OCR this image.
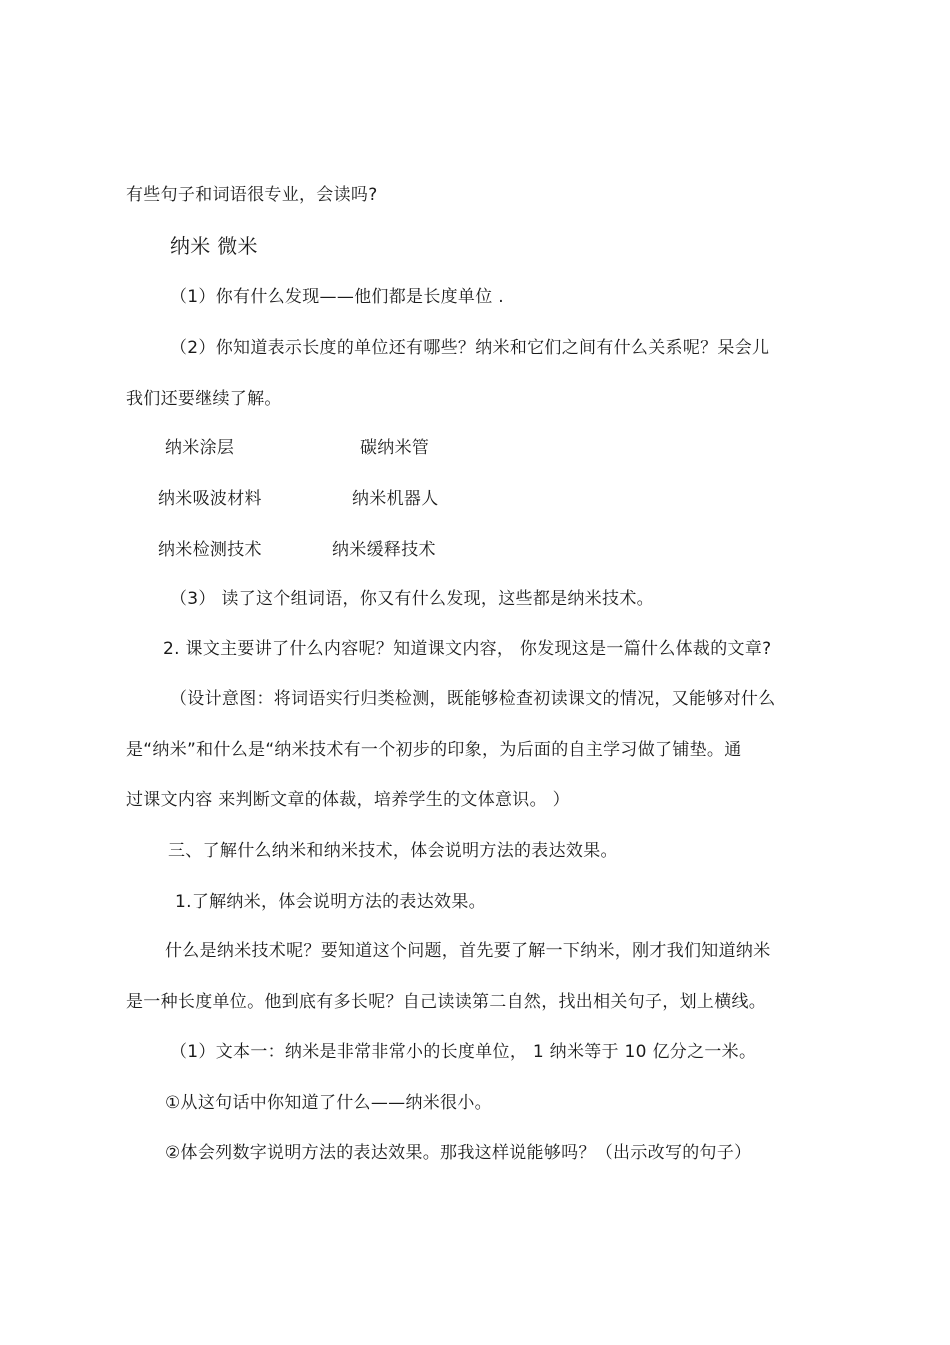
有些句子和词语很专业，会读吗?
纳米 微米
（1）你有什么发现——他们都是长度单位 .
（2）你知道表示长度的单位还有哪些？纳米和它们之间有什么关系呢？呆会儿
我们还要继续了解。
纳米涂层	碳纳米管
纳米吸波材料	纳米机器人
纳米检测技术	纳米缓释技术
（3） 读了这个组词语，你又有什么发现，这些都是纳米技术。
2. 课文主要讲了什么内容呢？知道课文内容， 你发现这是一篇什么体裁的文章?
（设计意图：将词语实行归类检测，既能够检查初读课文的情况，又能够对什么
是“纳米”和什么是“纳米技术有一个初步的印象，为后面的自主学习做了铺垫。通
过课文内容 来判断文章的体裁，培养学生的文体意识。 ）
三、了解什么纳米和纳米技术，体会说明方法的表达效果。
1.了解纳米，体会说明方法的表达效果。
什么是纳米技术呢？要知道这个问题，首先要了解一下纳米，刚才我们知道纳米
是一种长度单位。他到底有多长呢？自己读读第二自然，找出相关句子，划上横线。
（1）文本一：纳米是非常非常小的长度单位， 1 纳米等于 10 亿分之一米。
①从这句话中你知道了什么——纳米很小。
②体会列数字说明方法的表达效果。那我这样说能够吗？（出示改写的句子）
